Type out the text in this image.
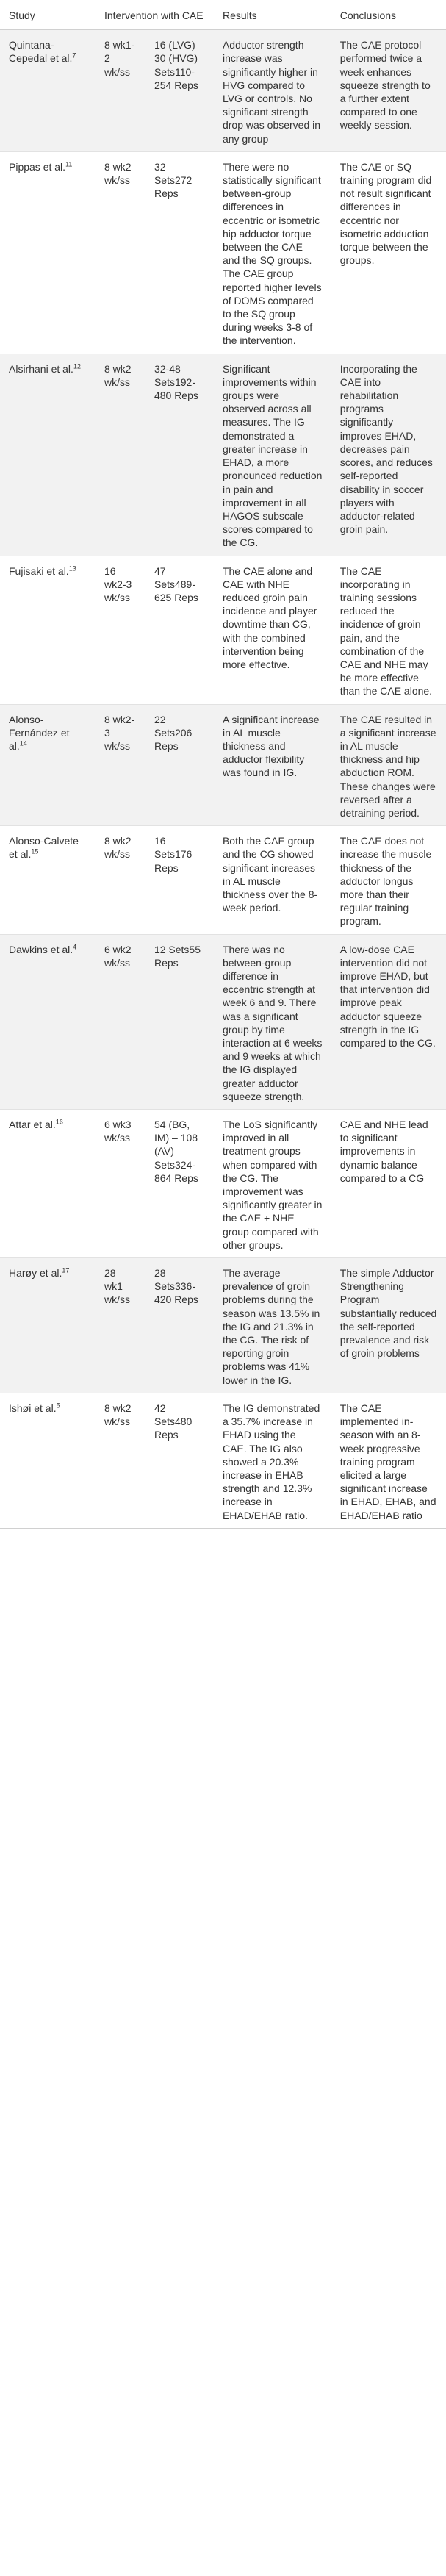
Study	Intervention with CAE		Results	Conclusions
Quintana-Cepedal et al.$^7$	8 wk1-2 wk/ss	16 (LVG) – 30 (HVG) Sets110-254 Reps	Adductor strength increase was significantly higher in HVG compared to LVG or controls. No significant strength drop was observed in any group	The CAE protocol performed twice a week enhances squeeze strength to a further extent compared to one weekly session.
Pippas et al.$^{11}$	8 wk2 wk/ss	32 Sets272 Reps	There were no statistically significant between-group differences in eccentric or isometric hip adductor torque between the CAE and the SQ groups. The CAE group reported higher levels of DOMS compared to the SQ group during weeks 3-8 of the intervention.	The CAE or SQ training program did not result significant differences in eccentric nor isometric adduction torque between the groups.
Alsirhani et al.$^{12}$	8 wk2 wk/ss	32-48 Sets192-480 Reps	Significant improvements within groups were observed across all measures. The IG demonstrated a greater increase in EHAD, a more pronounced reduction in pain and improvement in all HAGOS subscale scores compared to the CG.	Incorporating the CAE into rehabilitation programs significantly improves EHAD, decreases pain scores, and reduces self-reported disability in soccer players with adductor-related groin pain.
Fujisaki et al.$^{13}$	16 wk2-3 wk/ss	47 Sets489-625 Reps	The CAE alone and CAE with NHE reduced groin pain incidence and player downtime than CG, with the combined intervention being more effective.	The CAE incorporating in training sessions reduced the incidence of groin pain, and the combination of the CAE and NHE may be more effective than the CAE alone.
Alonso-Fernández et al.$^{14}$	8 wk2-3 wk/ss	22 Sets206 Reps	A significant increase in AL muscle thickness and adductor flexibility was found in IG.	The CAE resulted in a significant increase in AL muscle thickness and hip abduction ROM. These changes were reversed after a detraining period.
Alonso-Calvete et al.$^{15}$	8 wk2 wk/ss	16 Sets176 Reps	Both the CAE group and the CG showed significant increases in AL muscle thickness over the 8-week period.	The CAE does not increase the muscle thickness of the adductor longus more than their regular training program.
Dawkins et al.$^4$	6 wk2 wk/ss	12 Sets55 Reps	There was no between-group difference in eccentric strength at week 6 and 9. There was a significant group by time interaction at 6 weeks and 9 weeks at which the IG displayed greater adductor squeeze strength.	A low-dose CAE intervention did not improve EHAD, but that intervention did improve peak adductor squeeze strength in the IG compared to the CG.
Attar et al.$^{16}$	6 wk3 wk/ss	54 (BG, IM) – 108 (AV) Sets324-864 Reps	The LoS significantly improved in all treatment groups when compared with the CG. The improvement was significantly greater in the CAE + NHE group compared with other groups.	CAE and NHE lead to significant improvements in dynamic balance compared to a CG
Harøy et al.$^{17}$	28 wk1 wk/ss	28 Sets336-420 Reps	The average prevalence of groin problems during the season was 13.5% in the IG and 21.3% in the CG. The risk of reporting groin problems was 41% lower in the IG.	The simple Adductor Strengthening Program substantially reduced the self-reported prevalence and risk of groin problems
Ishøi et al.$^5$	8 wk2 wk/ss	42 Sets480 Reps	The IG demonstrated a 35.7% increase in EHAD using the CAE. The IG also showed a 20.3% increase in EHAB strength and 12.3% increase in EHAD/EHAB ratio.	The CAE implemented in-season with an 8-week progressive training program elicited a large significant increase in EHAD, EHAB, and EHAD/EHAB ratio
